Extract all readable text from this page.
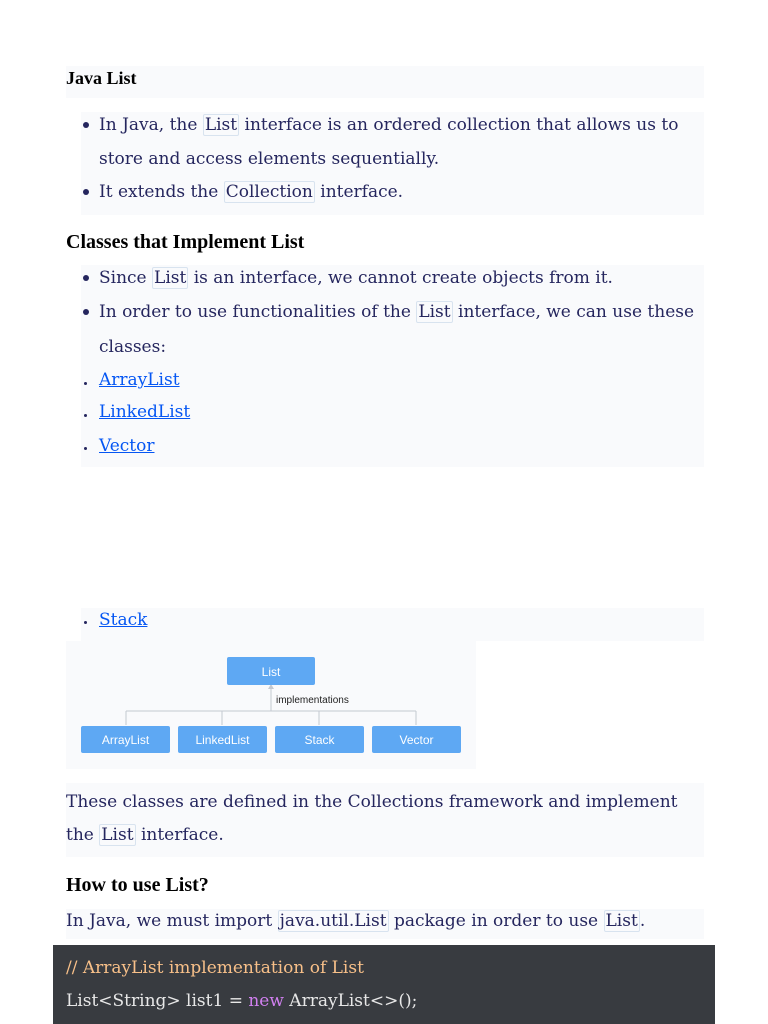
Java List
In Java, the List interface is an ordered collection that allows us to
store and access elements sequentially.
It extends the Collection interface.
Classes that Implement List
Since List is an interface, we cannot create objects from it.
In order to use functionalities of the List interface, we can use these
classes:
ArrayList
LinkedList
Vector
Stack
List
implementations
ArrayList	LinkedList	Stack	Vector
These classes are defined in the Collections framework and implement
the List interface.
How to use List?
In Java, we must import java.util.List package in order to use List .
// ArrayList implementation of List
List<String> list1 = new ArrayList<>();
